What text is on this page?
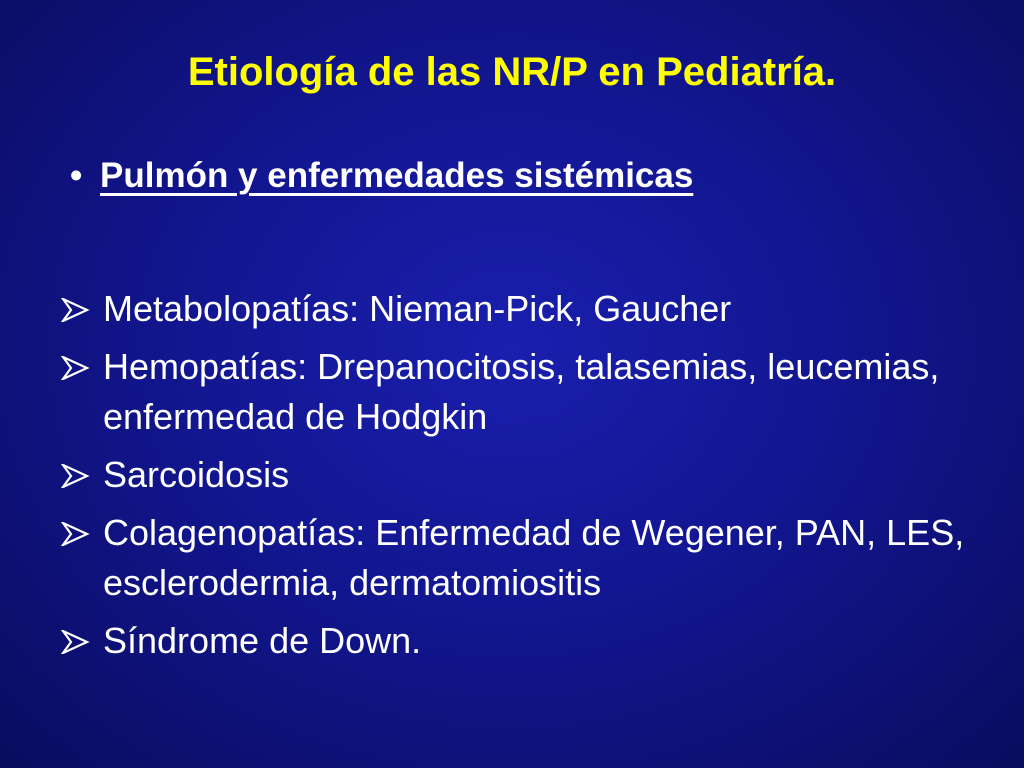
Etiología de las NR/P en Pediatría.
• Pulmón y enfermedades sistémicas
Metabolopatías: Nieman-Pick, Gaucher
Hemopatías: Drepanocitosis, talasemias, leucemias, enfermedad de Hodgkin
Sarcoidosis
Colagenopatías: Enfermedad de Wegener, PAN, LES, esclerodermia, dermatomiositis
Síndrome de Down.
